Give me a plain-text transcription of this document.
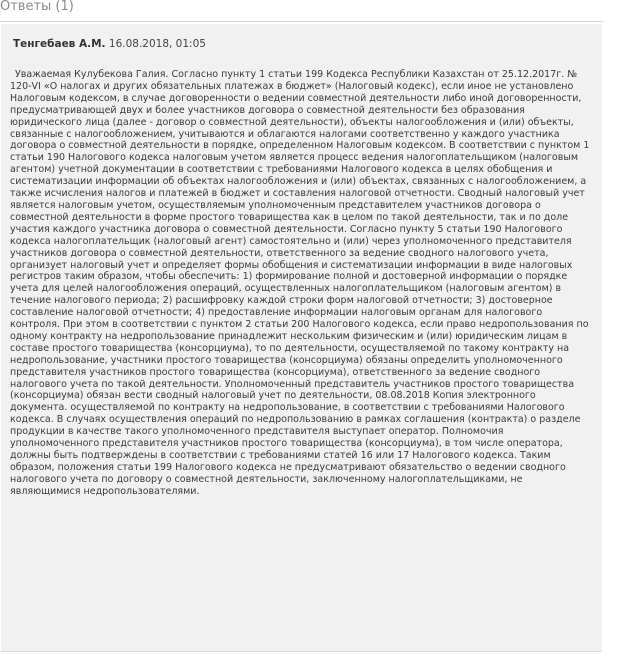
Ответы (1)
Тенгебаев А.М. 16.08.2018, 01:05

Уважаемая Кулубекова Галия. Согласно пункту 1 статьи 199 Кодекса Республики Казахстан от 25.12.2017г. № 120-VI «О налогах и других обязательных платежах в бюджет» (Налоговый кодекс), если иное не установлено Налоговым кодексом, в случае договоренности о ведении совместной деятельности либо иной договоренности, предусматривающей двух и более участников договора о совместной деятельности без образования юридического лица (далее - договор о совместной деятельности), объекты налогообложения и (или) объекты, связанные с налогообложением, учитываются и облагаются налогами соответственно у каждого участника договора о совместной деятельности в порядке, определенном Налоговым кодексом. В соответствии с пунктом 1 статьи 190 Налогового кодекса налоговым учетом является процесс ведения налогоплательщиком (налоговым агентом) учетной документации в соответствии с требованиями Налогового кодекса в целях обобщения и систематизации информации об объектах налогообложения и (или) объектах, связанных с налогообложением, а также исчисления налогов и платежей в бюджет и составления налоговой отчетности. Сводный налоговый учет является налоговым учетом, осуществляемым уполномоченным представителем участников договора о совместной деятельности в форме простого товарищества как в целом по такой деятельности, так и по доле участия каждого участника договора о совместной деятельности. Согласно пункту 5 статьи 190 Налогового кодекса налогоплательщик (налоговый агент) самостоятельно и (или) через уполномоченного представителя участников договора о совместной деятельности, ответственного за ведение сводного налогового учета, организует налоговый учет и определяет формы обобщения и систематизации информации в виде налоговых регистров таким образом, чтобы обеспечить: 1) формирование полной и достоверной информации о порядке учета для целей налогообложения операций, осуществленных налогоплательщиком (налоговым агентом) в течение налогового периода; 2) расшифровку каждой строки форм налоговой отчетности; 3) достоверное составление налоговой отчетности; 4) предоставление информации налоговым органам для налогового контроля. При этом в соответствии с пунктом 2 статьи 200 Налогового кодекса, если право недропользования по одному контракту на недропользование принадлежит нескольким физическим и (или) юридическим лицам в составе простого товарищества (консорциума), то по деятельности, осуществляемой по такому контракту на недропользование, участники простого товарищества (консорциума) обязаны определить уполномоченного представителя участников простого товарищества (консорциума), ответственного за ведение сводного налогового учета по такой деятельности. Уполномоченный представитель участников простого товарищества (консорциума) обязан вести сводный налоговый учет по деятельности, 08.08.2018 Копия электронного документа. осуществляемой по контракту на недропользование, в соответствии с требованиями Налогового кодекса. В случаях осуществления операций по недропользованию в рамках соглашения (контракта) о разделе продукции в качестве такого уполномоченного представителя выступает оператор. Полномочия уполномоченного представителя участников простого товарищества (консорциума), в том числе оператора, должны быть подтверждены в соответствии с требованиями статей 16 или 17 Налогового кодекса. Таким образом, положения статьи 199 Налогового кодекса не предусматривают обязательство о ведении сводного налогового учета по договору о совместной деятельности, заключенному налогоплательщиками, не являющимися недропользователями.
